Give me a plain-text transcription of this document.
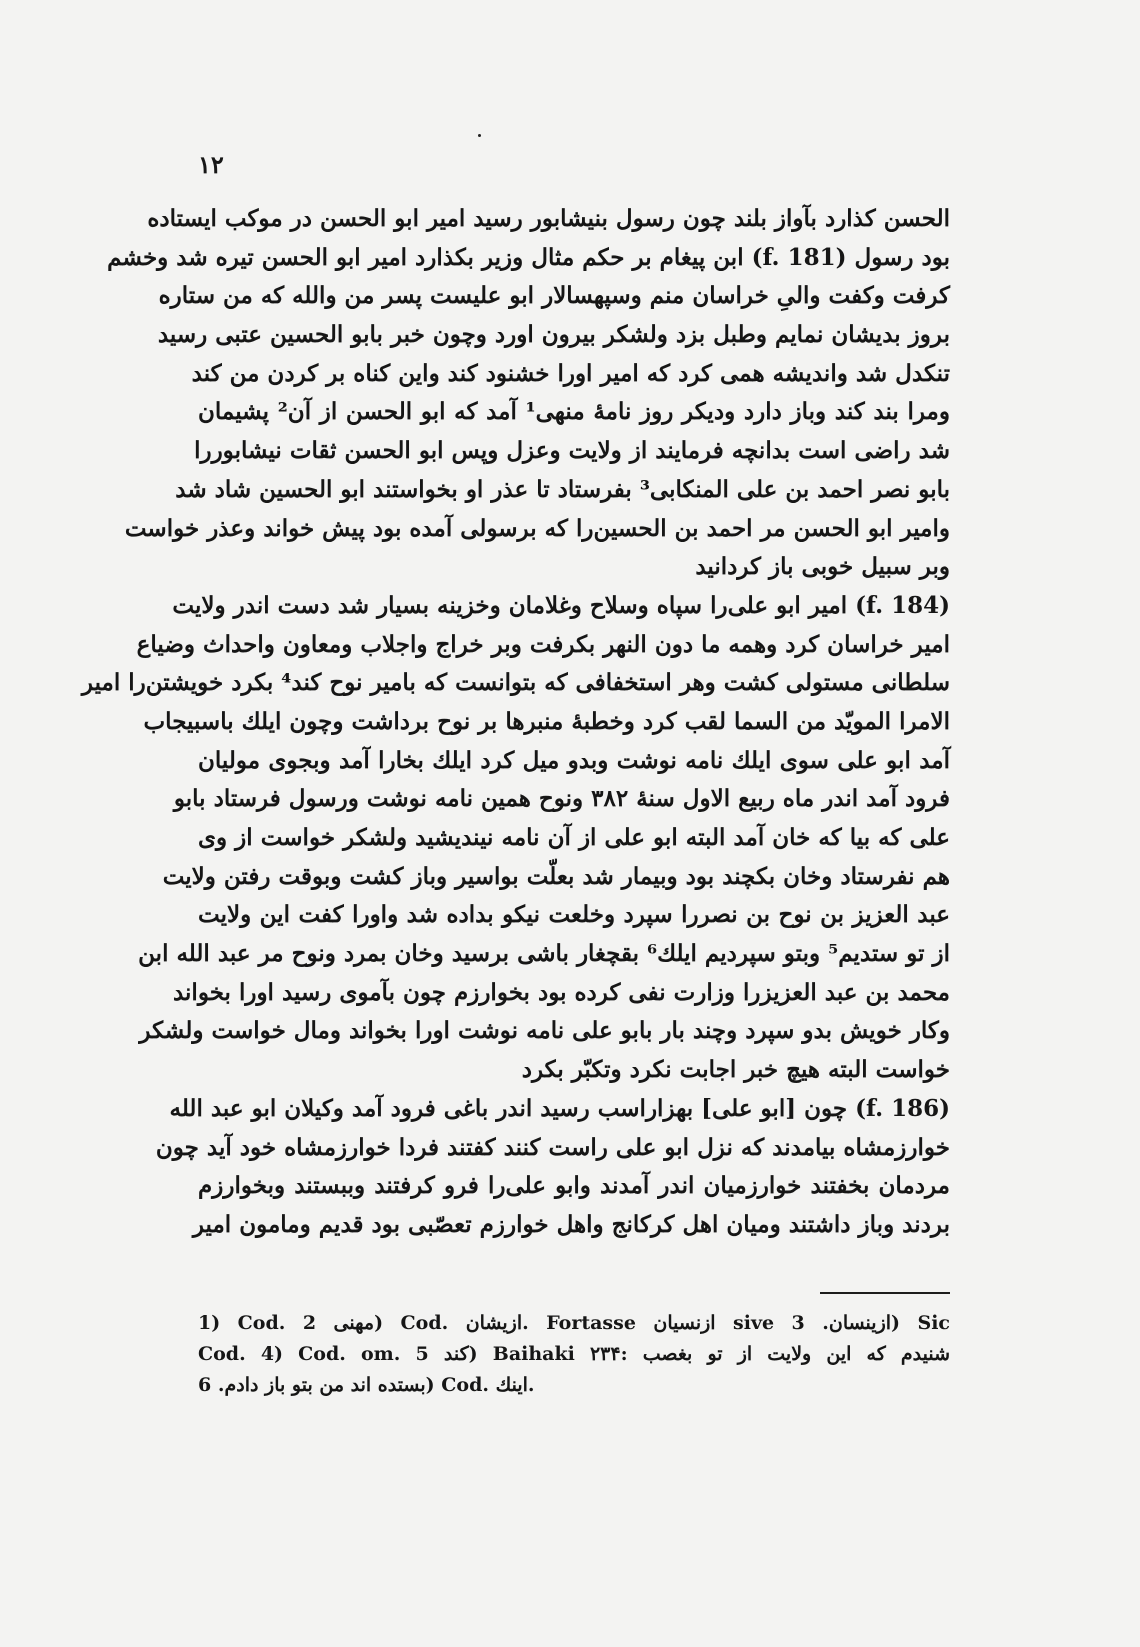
۱۲
الحسن کذارد بآواز بلند چون رسول بنیشابور رسید امیر ابو الحسن در موکب ایستاده
بود رسول (f. 181) ابن پیغام بر حکم مثال وزیر بکذارد امیر ابو الحسن تیره شد وخشم
کرفت وکفت والیِ خراسان منم وسپهسالار ابو علیست پسر من والله که من ستاره
بروز بدیشان نمایم وطبل بزد ولشکر بیرون اورد وچون خبر بابو الحسین عتبی رسید
تنکدل شد واندیشه همی کرد که امیر اورا خشنود کند واین کناه بر کردن من کند
ومرا بند کند وباز دارد ودیکر روز نامۀ منهی¹ آمد که ابو الحسن از آن² پشیمان
شد راضی است بدانچه فرمایند از ولایت وعزل وپس ابو الحسن ثقات نیشابوررا
بابو نصر احمد بن علی المنکابی³ بفرستاد تا عذر او بخواستند ابو الحسین شاد شد
وامیر ابو الحسن مر احمد بن الحسین‌را که برسولی آمده بود پیش خواند وعذر خواست
وبر سبیل خوبی باز کردانید
(f. 184) امیر ابو علی‌را سپاه وسلاح وغلامان وخزینه بسیار شد دست اندر ولایت
امیر خراسان کرد وهمه ما دون النهر بکرفت وبر خراج واجلاب ومعاون واحداث وضیاع
سلطانی مستولی کشت وهر استخفافی که بتوانست که بامیر نوح کند⁴ بکرد خویشتن‌را امیر
الامرا المویّد من السما لقب کرد وخطبۀ منبرها بر نوح برداشت وچون ایلك باسبیجاب
آمد ابو علی سوی ایلك نامه نوشت وبدو میل کرد ایلك بخارا آمد وبجوی مولیان
فرود آمد اندر ماه ربیع الاول سنۀ ۳۸۲ ونوح همین نامه نوشت ورسول فرستاد بابو
علی که بیا که خان آمد البته ابو علی از آن نامه نیندیشید ولشکر خواست از وی
هم نفرستاد وخان بکچند بود وبیمار شد بعلّت بواسیر وباز کشت وبوقت رفتن ولایت
عبد العزیز بن نوح بن نصررا سپرد وخلعت نیکو بداده شد واورا کفت این ولایت
از تو ستدیم⁵ وبتو سپردیم ایلك⁶ بقچغار باشی برسید وخان بمرد ونوح مر عبد الله ابن
محمد بن عبد العزیزرا وزارت نفی کرده بود بخوارزم چون بآموی رسید اورا بخواند
وکار خویش بدو سپرد وچند بار بابو علی نامه نوشت اورا بخواند ومال خواست ولشکر
خواست البته هیچ خبر اجابت نکرد وتکبّر بکرد
(f. 186) چون [ابو علی] بهزاراسب رسید اندر باغی فرود آمد وکیلان ابو عبد الله
خوارزمشاه بیامدند که نزل ابو علی راست کنند کفتند فردا خوارزمشاه خود آید چون
مردمان بخفتند خوارزمیان اندر آمدند وابو علی‌را فرو کرفتند وببستند وبخوارزم
بردند وباز داشتند ومیان اهل کرکانج واهل خوارزم تعصّبی بود قدیم ومامون امیر
1) Cod. مهنی 2) Cod. ازیشان. Fortasse ازنسیان sive ازینسان. 3) Sic
Cod. 4) Cod. om. کند 5) Baihaki ۲۳۴: شنیدم که این ولایت از تو بغصب
بستده اند من بتو باز دادم. 6) Cod. اینك.
